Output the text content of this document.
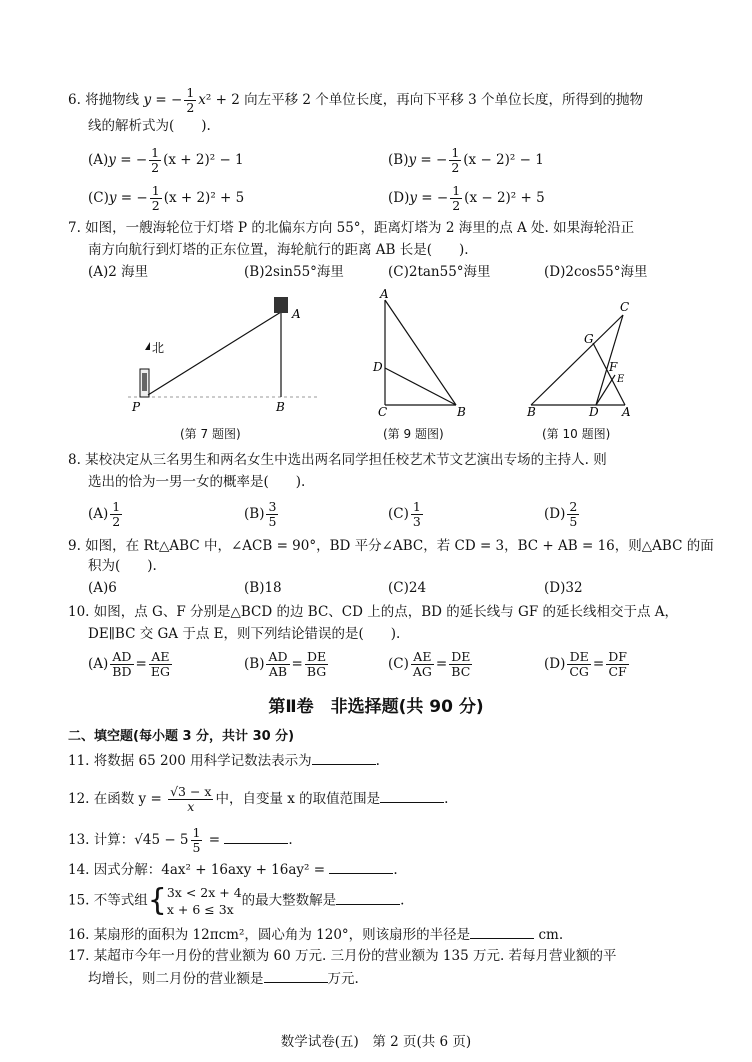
6. 将抛物线 y = − $\frac{1}{2} x^2 + 2$ 向左平移 2 个单位长度，再向下平移 3 个单位长度，所得到的抛物
线的解析式为(　　).
(A)y = − $\frac{1}{2} (x + 2)^2 - 1$	(B)y = − $\frac{1}{2} (x - 2)^2 - 1$
(C)y = − $\frac{1}{2} (x + 2)^2 + 5$	(D)y = − $\frac{1}{2} (x - 2)^2 + 5$
7. 如图，一艘海轮位于灯塔 P 的北偏东方向 55°，距离灯塔为 2 海里的点 A 处. 如果海轮沿正
南方向航行到灯塔的正东位置，海轮航行的距离 AB 长是(　　).
(A)2 海里	(B)2sin55°海里	(C)2tan55°海里	(D)2cos55°海里
北
P
A
B
A
D
C	B
C
G
F
E
B	D A
(第 7 题图)	(第 9 题图)	(第 10 题图)
8. 某校决定从三名男生和两名女生中选出两名同学担任校艺术节文艺演出专场的主持人. 则
选出的恰为一男一女的概率是(　　).
$(A) \frac{1}{2}$	$(B) \frac{3}{5}$	$(C) \frac{1}{3}$	$(D) \frac{2}{5}$
9. 如图，在 Rt△ABC 中，∠ACB = 90°，BD 平分∠ABC，若 CD = 3，BC + AB = 16，则△ABC 的面
积为(　　).
(A)6	(B)18	(C)24	(D)32
10. 如图，点 G、F 分别是△BCD 的边 BC、CD 上的点，BD 的延长线与 GF 的延长线相交于点 A，
DE∥BC 交 GA 于点 E，则下列结论错误的是(　　).
$(A) \frac{AD}{BD} = \frac{AE}{EG}$	$(B) \frac{AD}{AB} = \frac{DE}{BG}$	$(C) \frac{AE}{AG} = \frac{DE}{BC}$	$(D) \frac{DE}{CG} = \frac{DF}{CF}$
第Ⅱ卷　非选择题(共 90 分)
二、填空题(每小题 3 分，共计 30 分)
11. 将数据 65 200 用科学记数法表示为	.
12. 在函数 $y = \frac{√3 - x}{x}$ 中，自变量 x 的取值范围是	.
13. 计算：$√45 - 5 \frac{1}{5}$ =	.
14. 因式分解：4ax² + 16axy + 16ay² =	.
15. 不等式组{ 3x < 2x + 4
x + 6 ≤ 3x
的最大整数解是	.
16. 某扇形的面积为 12πcm²，圆心角为 120°，则该扇形的半径是	cm.
17. 某超市今年一月份的营业额为 60 万元. 三月份的营业额为 135 万元. 若每月营业额的平
均增长，则二月份的营业额是	万元.
数学试卷(五)　第 2 页(共 6 页)
